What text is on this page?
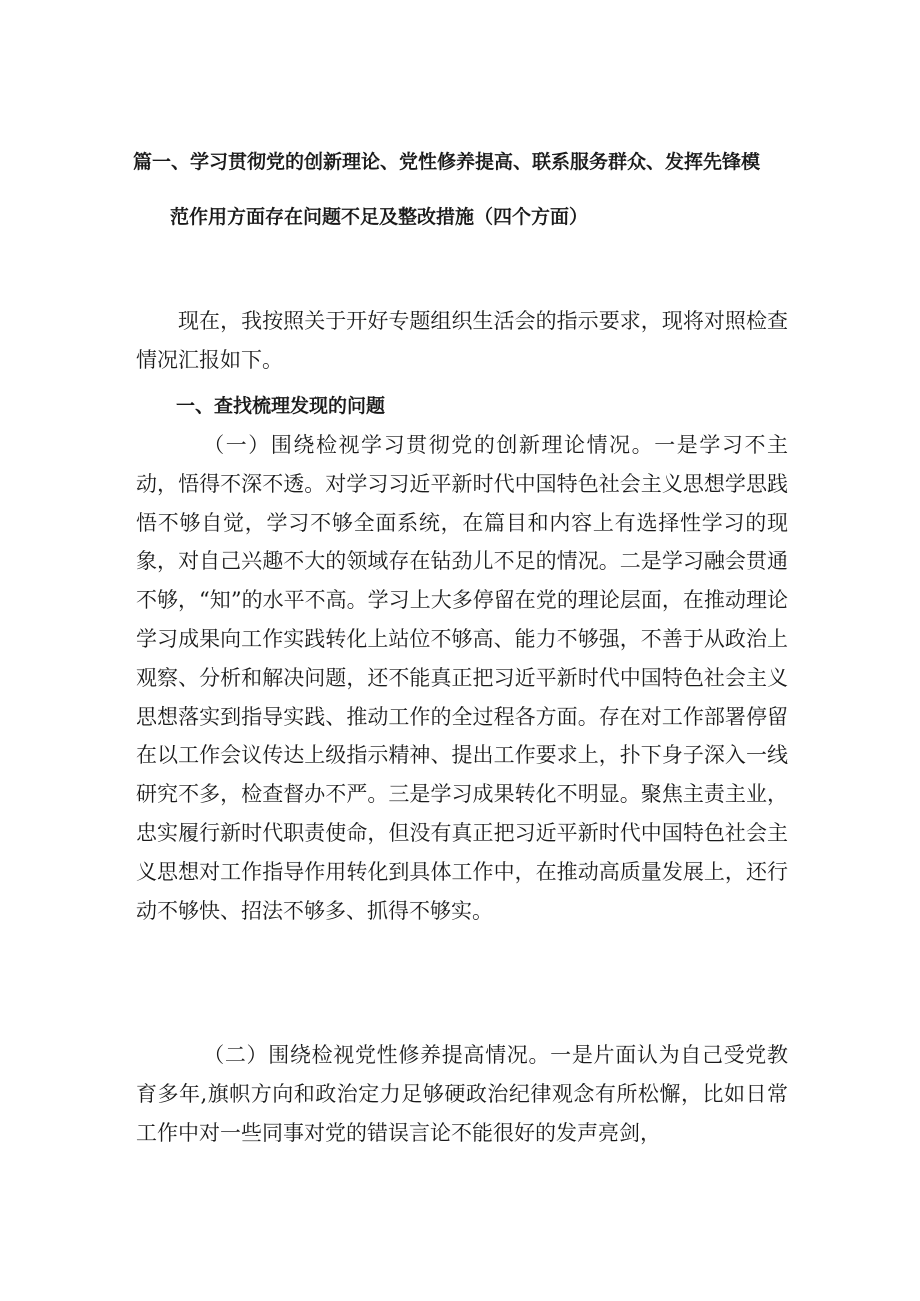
篇一、学习贯彻党的创新理论、党性修养提高、联系服务群众、发挥先锋模
范作用方面存在问题不足及整改措施（四个方面）
现在，我按照关于开好专题组织生活会的指示要求，现将对照检查情况汇报如下。
一、查找梳理发现的问题
（一）围绕检视学习贯彻党的创新理论情况。一是学习不主动，悟得不深不透。对学习习近平新时代中国特色社会主义思想学思践悟不够自觉，学习不够全面系统，在篇目和内容上有选择性学习的现象，对自己兴趣不大的领域存在钻劲儿不足的情况。二是学习融会贯通不够，“知”的水平不高。学习上大多停留在党的理论层面，在推动理论学习成果向工作实践转化上站位不够高、能力不够强，不善于从政治上观察、分析和解决问题，还不能真正把习近平新时代中国特色社会主义思想落实到指导实践、推动工作的全过程各方面。存在对工作部署停留在以工作会议传达上级指示精神、提出工作要求上，扑下身子深入一线研究不多，检查督办不严。三是学习成果转化不明显。聚焦主责主业，忠实履行新时代职责使命，但没有真正把习近平新时代中国特色社会主义思想对工作指导作用转化到具体工作中，在推动高质量发展上，还行动不够快、招法不够多、抓得不够实。
（二）围绕检视党性修养提高情况。一是片面认为自己受党教育多年,旗帜方向和政治定力足够硬政治纪律观念有所松懈，比如日常工作中对一些同事对党的错误言论不能很好的发声亮剑，
